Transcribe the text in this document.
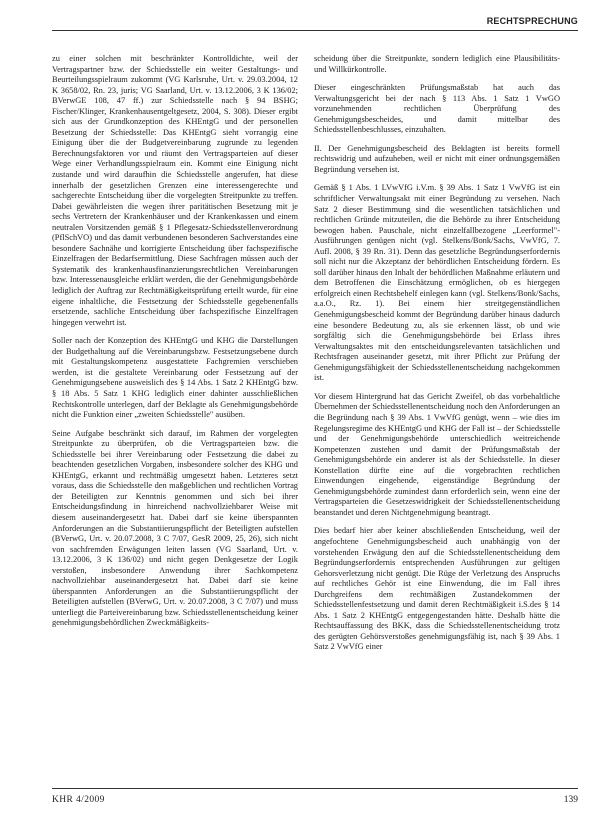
RECHTSPRECHUNG

zu einer solchen mit beschränkter Kontrolldichte, weil der Vertragspartner bzw. der Schiedsstelle ein weiter Gestaltungs- und Beurteilungsspielraum zukommt (VG Karlsruhe, Urt. v. 29.03.2004, 12 K 3658/02, Rn. 23, juris; VG Saarland, Urt. v. 13.12.2006, 3 K 136/02; BVerwGE 108, 47 ff.) zur Schiedsstelle nach § 94 BSHG; Fischer/Klinger, Krankenhausentgeltgesetz, 2004, S. 308). Dieser ergibt sich aus der Grundkonzeption des KHEntgG und der personellen Besetzung der Schiedsstelle: Das KHEntgG sieht vorrangig eine Einigung über die der Budgetvereinbarung zugrunde zu legenden Berechnungsfaktoren vor und räumt den Vertragsparteien auf dieser Wege einer Verhandlungsspielraum ein. Kommt eine Einigung nicht zustande und wird daraufhin die Schiedsstelle angerufen, hat diese innerhalb der gesetzlichen Grenzen eine interessengerechte und sachgerechte Entscheidung über die vorgelegten Streitpunkte zu treffen. Dabei gewährleisten die wegen ihrer paritätischen Besetzung mit je sechs Vertretern der Krankenhäuser und der Krankenkassen und einem neutralen Vorsitzenden gemäß § 1 Pflegesatz-Schiedsstellenverordnung (PflSchVO) und das damit verbundenen besonderen Sachverstandes eine besondere Sachnähe und korrigierte Entscheidung über fachspezifische Einzelfragen der Bedarfsermittlung. Diese Sachfragen müssen auch der Systematik des krankenhausfinanzierungsrechtlichen Vereinbarungen bzw. Interessenausgleiche erklärt werden, die der Genehmigungsbehörde lediglich der Auftrag zur Rechtmäßigkeitsprüfung erteilt wurde, für eine eigene inhaltliche, die Festsetzung der Schiedsstelle gegebenenfalls ersetzende, sachliche Entscheidung über fachspezifische Einzelfragen hingegen verwehrt ist.

Soller nach der Konzeption des KHEntgG und KHG die Darstellungen der Budgethaltung auf die Vereinbarungsbzw. Festsetzungsebene durch mit Gestaltungskompetenz ausgestattete Fachgremien verschieben werden, ist die gestaltete Vereinbarung oder Festsetzung auf der Genehmigungsebene ausweislich des § 14 Abs. 1 Satz 2 KHEntgG bzw. § 18 Abs. 5 Satz 1 KHG lediglich einer dahinter ausschließlichen Rechtskontrolle unterlegen, darf der Beklagte als Genehmigungsbehörde nicht die Funktion einer „zweiten Schiedsstelle" ausüben.

Seine Aufgabe beschränkt sich darauf, im Rahmen der vorgelegten Streitpunkte zu überprüfen, ob die Vertragsparteien bzw. die Schiedsstelle bei ihrer Vereinbarung oder Festsetzung die dabei zu beachtenden gesetzlichen Vorgaben, insbesondere solcher des KHG und KHEntgG, erkannt und rechtmäßig umgesetzt haben. Letzteres setzt voraus, dass die Schiedsstelle den maßgeblichen und rechtlichen Vortrag der Beteiligten zur Kenntnis genommen und sich bei ihrer Entscheidungsfindung in hinreichend nachvollziehbarer Weise mit diesem auseinandergesetzt hat. Dabei darf sie keine überspannten Anforderungen an die Substantiierungspflicht der Beteiligten aufstellen (BVerwG, Urt. v. 20.07.2008, 3 C 7/07, GesR 2009, 25, 26), sich nicht von sachfremden Erwägungen leiten lassen (VG Saarland, Urt. v. 13.12.2006, 3 K 136/02) und nicht gegen Denkgesetze der Logik verstoßen, insbesondere Anwendung ihrer Sachkompetenz nachvollziehbar auseinandergesetzt hat. Dabei darf sie keine überspannten Anforderungen an die Substantiierungspflicht der Beteiligten aufstellen (BVerwG, Urt. v. 20.07.2008, 3 C 7/07) und muss unterliegt die Parteivereinbarung bzw. Schiedsstellenentscheidung keiner genehmigungsbehördlichen Zweckmäßigkeits-

scheidung über die Streitpunkte, sondern lediglich eine Plausibilitäts- und Willkürkontrolle.

Dieser eingeschränkten Prüfungsmaßstab hat auch das Verwaltungsgericht bei der nach § 113 Abs. 1 Satz 1 VwGO vorzunehmenden rechtlichen Überprüfung des Genehmigungsbescheides, und damit mittelbar des Schiedsstellenbeschlusses, einzuhalten.

II. Der Genehmigungsbescheid des Beklagten ist bereits formell rechtswidrig und aufzuheben, weil er nicht mit einer ordnungsgemäßen Begründung versehen ist.

Gemäß § 1 Abs. 1 LVwVfG i.V.m. § 39 Abs. 1 Satz 1 VwVfG ist ein schriftlicher Verwaltungsakt mit einer Begründung zu versehen. Nach Satz 2 dieser Bestimmung sind die wesentlichen tatsächlichen und rechtlichen Gründe mitzuteilen, die die Behörde zu ihrer Entscheidung bewogen haben. Pauschale, nicht einzelfallbezogene „Leerformel"-Ausführungen genügen nicht (vgl. Stelkens/Bonk/Sachs, VwVfG, 7. Aufl. 2008, § 39 Rn. 31). Denn das gesetzliche Begründungserfordernis soll nicht nur die Akzeptanz der behördlichen Entscheidung fördern. Es soll darüber hinaus den Inhalt der behördlichen Maßnahme erläutern und dem Betroffenen die Einschätzung ermöglichen, ob es hiergegen erfolgreich einen Rechtsbehelf einlegen kann (vgl. Stelkens/Bonk/Sachs, a.a.O., Rz. 1). Bei einem hier streitgegenständlichen Genehmigungsbescheid kommt der Begründung darüber hinaus dadurch eine besondere Bedeutung zu, als sie erkennen lässt, ob und wie sorgfältig sich die Genehmigungsbehörde bei Erlass ihres Verwaltungsaktes mit den entscheidungsrelevanten tatsächlichen und Rechtsfragen auseinander gesetzt, mit ihrer Pflicht zur Prüfung der Genehmigungsfähigkeit der Schiedsstellenentscheidung nachgekommen ist.

Vor diesem Hintergrund hat das Gericht Zweifel, ob das vorbehaltliche Übernehmen der Schiedsstellenentscheidung noch den Anforderungen an die Begründung nach § 39 Abs. 1 VwVfG genügt, wenn – wie dies im Regelungsregime des KHEntgG und KHG der Fall ist – der Schiedsstelle und der Genehmigungsbehörde unterschiedlich weitreichende Kompetenzen zustehen und damit der Prüfungsmaßstab der Genehmigungsbehörde ein anderer ist als der Schiedsstelle. In dieser Konstellation dürfte eine auf die vorgebrachten rechtlichen Einwendungen eingehende, eigenständige Begründung der Genehmigungsbehörde zumindest dann erforderlich sein, wenn eine der Vertragsparteien die Gesetzeswidrigkeit der Schiedsstellenentscheidung beanstandet und deren Nichtgenehmigung beantragt.

Dies bedarf hier aber keiner abschließenden Entscheidung, weil der angefochtene Genehmigungsbescheid auch unabhängig von der vorstehenden Erwägung den auf die Schiedsstellenentscheidung dem Begründungserfordernis entsprechenden Ausführungen zur geltigen Gehorsverletzung nicht genügt. Die Rüge der Verletzung des Anspruchs auf rechtliches Gehör ist eine Einwendung, die im Fall ihres Durchgreifens dem rechtmäßigen Zustandekommen der Schiedsstellenfestsetzung und damit deren Rechtmäßigkeit i.S.des § 14 Abs. 1 Satz 2 KHEntgG entgegengestanden hätte. Deshalb hätte die Rechtsauffassung des BKK, dass die Schiedsstellenentscheidung trotz des gerügten Gehörsverstoßes genehmigungsfähig ist, nach § 39 Abs. 1 Satz 2 VwVfG einer

KHR 4/2009	139
